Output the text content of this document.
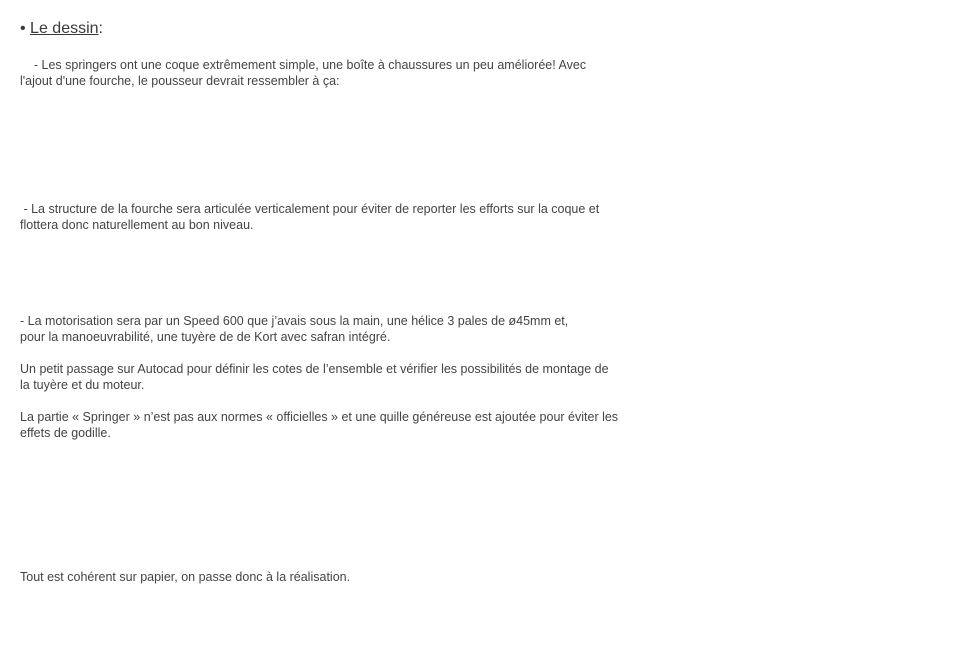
• Le dessin:
- Les springers ont une coque extrêmement simple, une boîte à chaussures un peu améliorée! Avec
l'ajout d'une fourche, le pousseur devrait ressembler à ça:
- La structure de la fourche sera articulée verticalement pour éviter de reporter les efforts sur la coque et
flottera donc naturellement au bon niveau.
- La motorisation sera par un Speed 600 que j’avais sous la main, une hélice 3 pales de ø45mm et,
pour la manoeuvrabilité, une tuyère de de Kort avec safran intégré.
Un petit passage sur Autocad pour définir les cotes de l’ensemble et vérifier les possibilités de montage de
la tuyère et du moteur.
La partie « Springer » n’est pas aux normes « officielles » et une quille généreuse est ajoutée pour éviter les
effets de godille.
Tout est cohérent sur papier, on passe donc à la réalisation.
